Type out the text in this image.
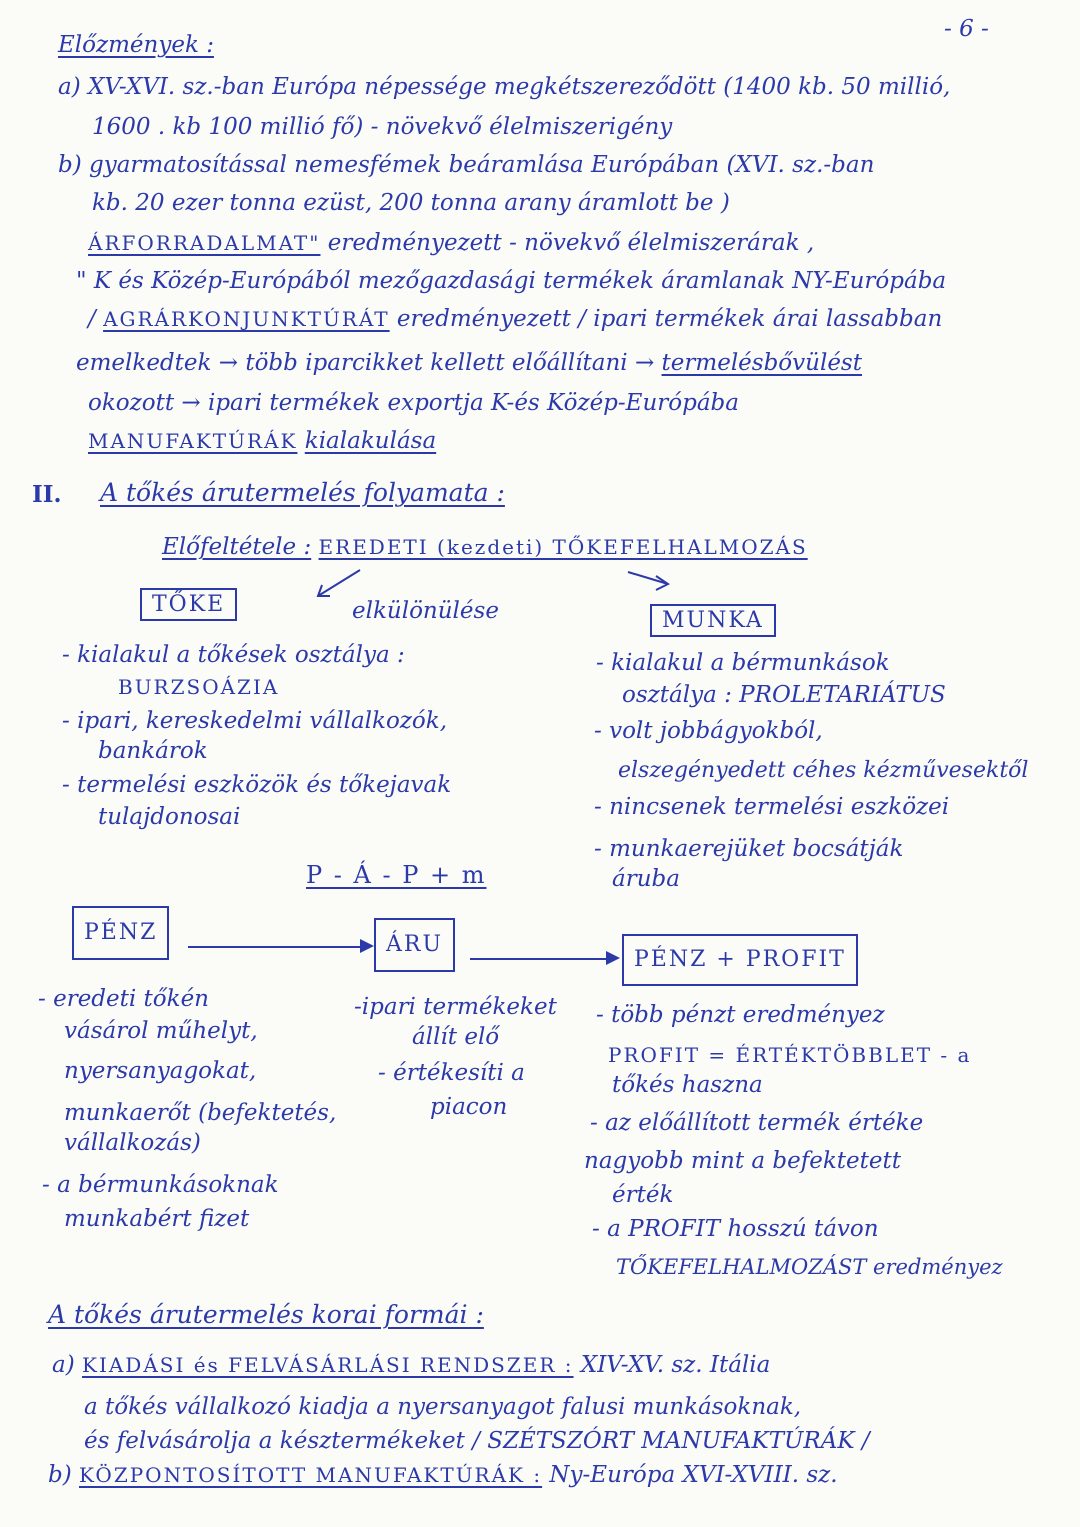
- 6 -
Előzmények :
a) XV-XVI. sz.-ban Európa népessége megkétszereződött (1400 kb. 50 millió,
1600 . kb 100 millió fő) - növekvő élelmiszerigény
b) gyarmatosítással nemesfémek beáramlása Európában (XVI. sz.-ban
kb. 20 ezer tonna ezüst, 200 tonna arany áramlott be )
ÁRFORRADALMAT" eredményezett - növekvő élelmiszerárak ,
" K és Közép-Európából mezőgazdasági termékek áramlanak NY-Európába
/ AGRÁRKONJUNKTÚRÁT eredményezett / ipari termékek árai lassabban
emelkedtek → több iparcikket kellett előállítani → termelésbővülést
okozott → ipari termékek exportja K-és Közép-Európába
MANUFAKTÚRÁK kialakulása
II. A tőkés árutermelés folyamata :
Előfeltétele : EREDETI (kezdeti) TŐKEFELHALMOZÁS
TŐKE	elkülönülése	MUNKA
- kialakul a tőkések osztálya :
BURZSOÁZIA
- ipari, kereskedelmi vállalkozók,
bankárok
- termelési eszközök és tőkejavak
tulajdonosai
- kialakul a bérmunkások
osztálya : PROLETARIÁTUS
- volt jobbágyokból,
elszegényedett céhes kézművesektől
- nincsenek termelési eszközei
- munkaerejüket bocsátják
áruba
P - Á - P + m
PÉNZ	ÁRU
PÉNZ + PROFIT
- eredeti tőkén
vásárol műhelyt,
nyersanyagokat,
munkaerőt (befektetés,
vállalkozás)
- a bérmunkásoknak
munkabért fizet
-ipari termékeket
állít elő
- értékesíti a
piacon
- több pénzt eredményez
PROFIT = ÉRTÉKTÖBBLET - a
tőkés haszna
- az előállított termék értéke
nagyobb mint a befektetett
érték
- a PROFIT hosszú távon
TŐKEFELHALMOZÁST eredményez
A tőkés árutermelés korai formái :
a) KIADÁSI és FELVÁSÁRLÁSI RENDSZER : XIV-XV. sz. Itália
a tőkés vállalkozó kiadja a nyersanyagot falusi munkásoknak,
és felvásárolja a késztermékeket / SZÉTSZÓRT MANUFAKTÚRÁK /
b) KÖZPONTOSÍTOTT MANUFAKTÚRÁK : Ny-Európa XVI-XVIII. sz.
